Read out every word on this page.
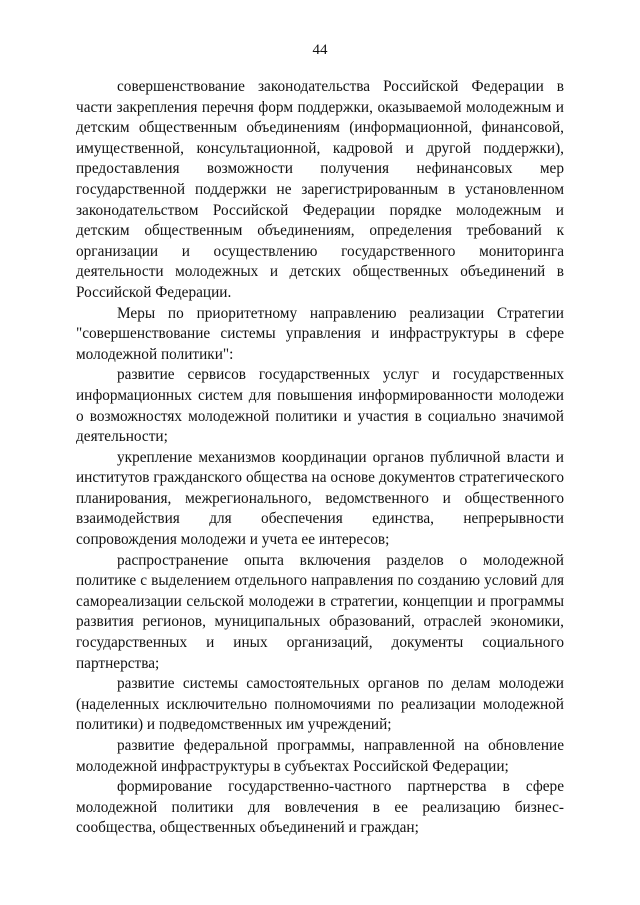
44

совершенствование законодательства Российской Федерации в части закрепления перечня форм поддержки, оказываемой молодежным и детским общественным объединениям (информационной, финансовой, имущественной, консультационной, кадровой и другой поддержки), предоставления возможности получения нефинансовых мер государственной поддержки не зарегистрированным в установленном законодательством Российской Федерации порядке молодежным и детским общественным объединениям, определения требований к организации и осуществлению государственного мониторинга деятельности молодежных и детских общественных объединений в Российской Федерации.

Меры по приоритетному направлению реализации Стратегии "совершенствование системы управления и инфраструктуры в сфере молодежной политики":

развитие сервисов государственных услуг и государственных информационных систем для повышения информированности молодежи о возможностях молодежной политики и участия в социально значимой деятельности;

укрепление механизмов координации органов публичной власти и институтов гражданского общества на основе документов стратегического планирования, межрегионального, ведомственного и общественного взаимодействия для обеспечения единства, непрерывности сопровождения молодежи и учета ее интересов;

распространение опыта включения разделов о молодежной политике с выделением отдельного направления по созданию условий для самореализации сельской молодежи в стратегии, концепции и программы развития регионов, муниципальных образований, отраслей экономики, государственных и иных организаций, документы социального партнерства;

развитие системы самостоятельных органов по делам молодежи (наделенных исключительно полномочиями по реализации молодежной политики) и подведомственных им учреждений;

развитие федеральной программы, направленной на обновление молодежной инфраструктуры в субъектах Российской Федерации;

формирование государственно-частного партнерства в сфере молодежной политики для вовлечения в ее реализацию бизнес-сообщества, общественных объединений и граждан;
